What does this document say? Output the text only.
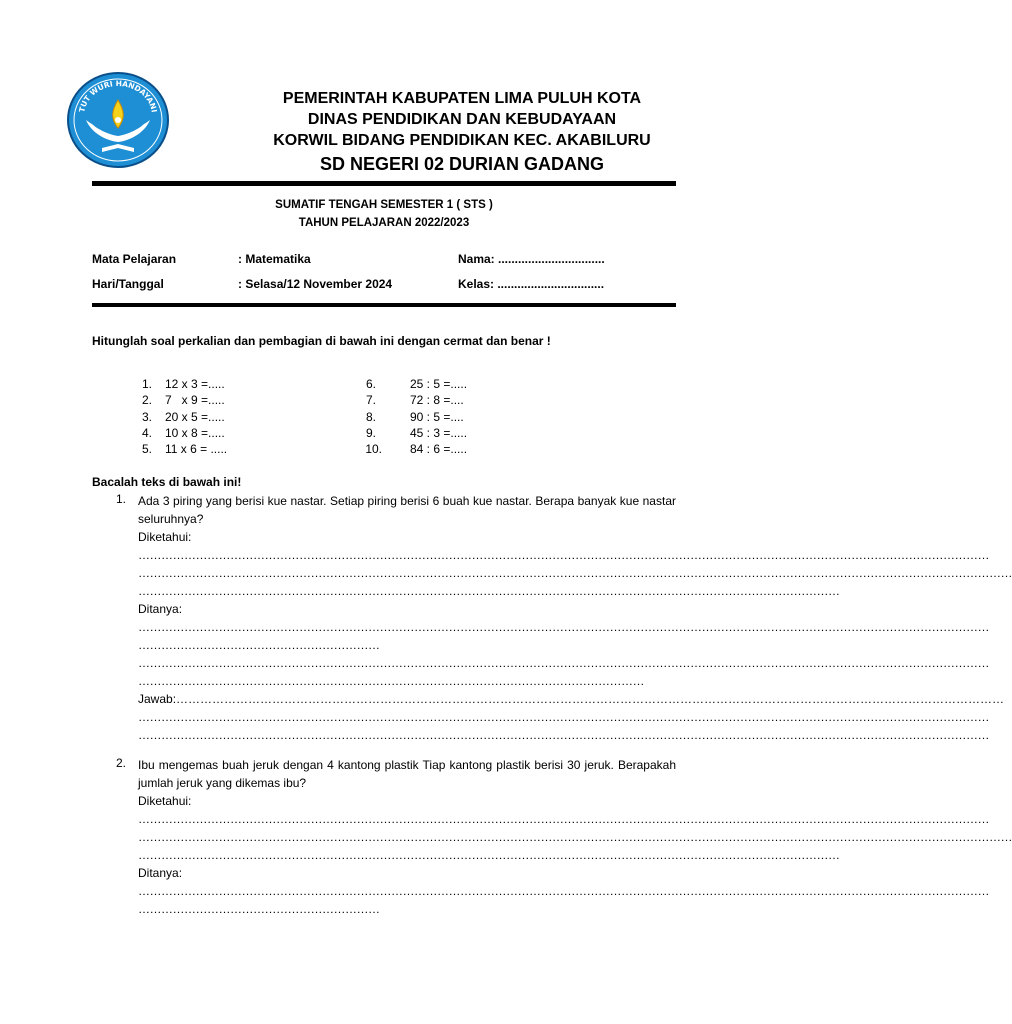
TUT WURI HANDAYANI
PEMERINTAH KABUPATEN LIMA PULUH KOTA
DINAS PENDIDIKAN DAN KEBUDAYAAN
KORWIL BIDANG PENDIDIKAN KEC. AKABILURU
SD NEGERI 02 DURIAN GADANG
SUMATIF TENGAH SEMESTER 1 ( STS )
TAHUN PELAJARAN 2022/2023
Mata Pelajaran	: Matematika	Nama: ................................
Hari/Tanggal	: Selasa/12 November 2024	Kelas: ................................
Hitunglah soal perkalian dan pembagian di bawah ini dengan cermat dan benar !
1. 12 x 3 =.....
2. 7   x 9 =.....
3. 20 x 5 =.....
4. 10 x 8 =.....
5. 11 x 6 = .....
6.	25 : 5 =.....
7.	72 : 8 =....
8.	90 : 5 =....
9.	45 : 3 =.....
10. 84 : 6 =.....
Bacalah teks di bawah ini!
1. Ada 3 piring yang berisi kue nastar. Setiap piring berisi 6 buah kue nastar. Berapa banyak kue nastar seluruhnya?
Diketahui:
……………………………………………………………………………………………………………………………………………………………………………………………………
…………………………………………………………………………………………………………………………………………………………………………………………………………
…………………………………………………………………………………………………………………………………………………………………
Ditanya:
……………………………………………………………………………………………………………………………………………………………………………………………………
………………………………………………………
……………………………………………………………………………………………………………………………………………………………………………………………………
……………………………………………………………………………………………………………………
Jawab:………………………………………………………………………………………………………………………………………………………………………………………
……………………………………………………………………………………………………………………………………………………………………………………………………
……………………………………………………………………………………………………………………………………………………………………………………………………
2. Ibu mengemas buah jeruk dengan 4 kantong plastik Tiap kantong plastik berisi 30 jeruk. Berapakah jumlah jeruk yang dikemas ibu?
Diketahui:
……………………………………………………………………………………………………………………………………………………………………………………………………
…………………………………………………………………………………………………………………………………………………………………………………………………………
…………………………………………………………………………………………………………………………………………………………………
Ditanya:
……………………………………………………………………………………………………………………………………………………………………………………………………
………………………………………………………
